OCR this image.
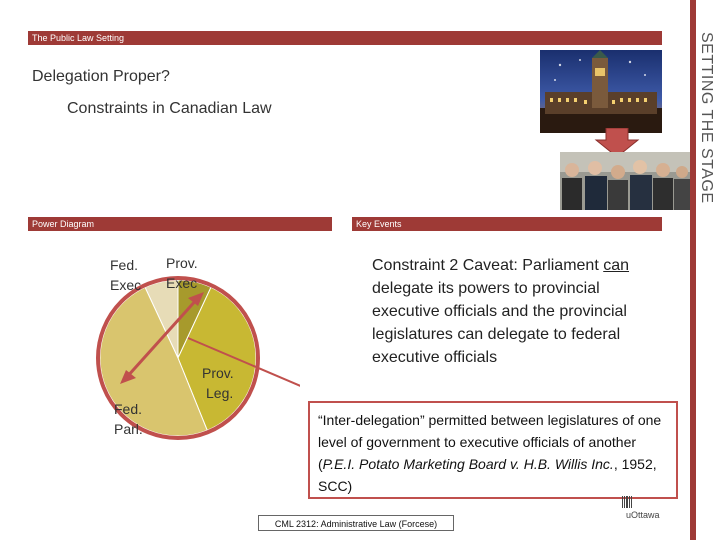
The Public Law Setting	SETTING THE STAGE
Delegation Proper?
Constraints in Canadian Law
Power Diagram	Key Events
Fed.
Exec
Prov.
Exec
Prov.
Leg.
Fed.
Parl.
Constraint 2 Caveat: Parliament can delegate its powers to provincial executive officials and the provincial legislatures can delegate to federal executive officials
“Inter-delegation” permitted between legislatures of one level of government to executive officials of another (P.E.I. Potato Marketing Board v. H.B. Willis Inc., 1952, SCC)
CML 2312: Administrative Law (Forcese)
uOttawa
